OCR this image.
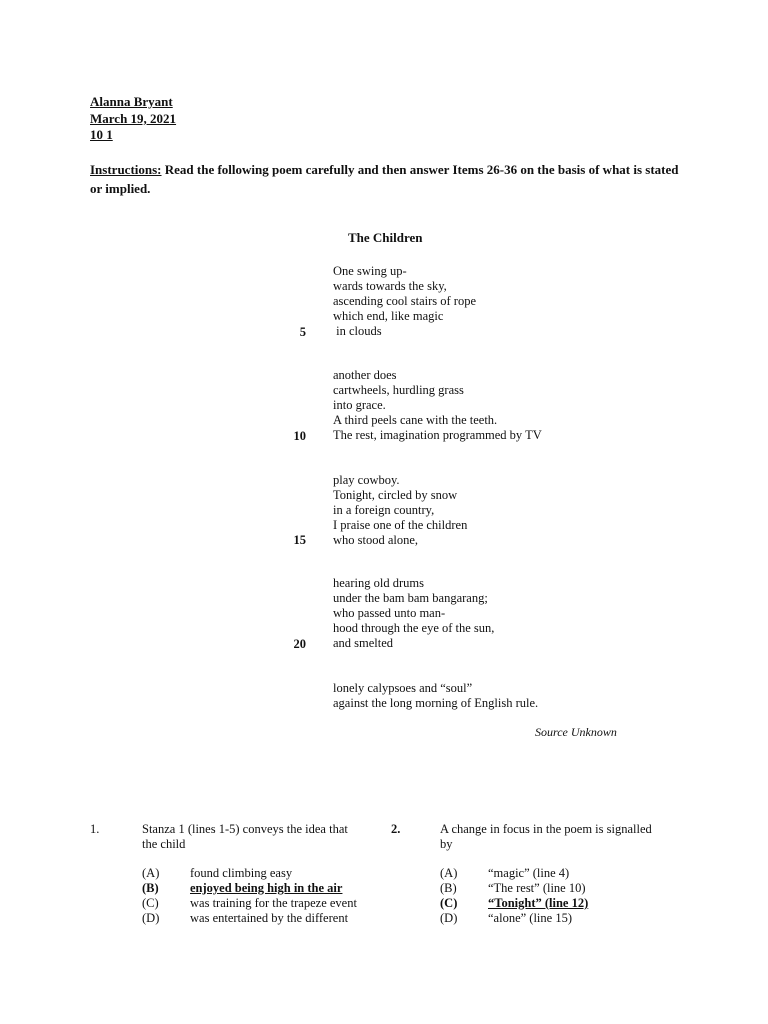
Alanna Bryant
March 19, 2021
10 1
Instructions: Read the following poem carefully and then answer Items 26-36 on the basis of what is stated or implied.
The Children
One swing up-
wards towards the sky,
ascending cool stairs of rope
which end, like magic
in clouds
5
another does
cartwheels, hurdling grass
into grace.
A third peels cane with the teeth.
The rest, imagination programmed by TV
10
play cowboy.
Tonight, circled by snow
in a foreign country,
I praise one of the children
who stood alone,
15
hearing old drums
under the bam bam bangarang;
who passed unto man-
hood through the eye of the sun,
and smelted
20
lonely calypsoes and “soul”
against the long morning of English rule.
Source Unknown
1.	Stanza 1 (lines 1-5) conveys the idea that
the child
(A) found climbing easy
(B)	enjoyed being high in the air
(C)	was training for the trapeze event
(D) was entertained by the different
2.	A change in focus in the poem is signalled
by
(A) “magic” (line 4)
(B)	“The rest” (line 10)
(C) “Tonight” (line 12)
(D) “alone” (line 15)
